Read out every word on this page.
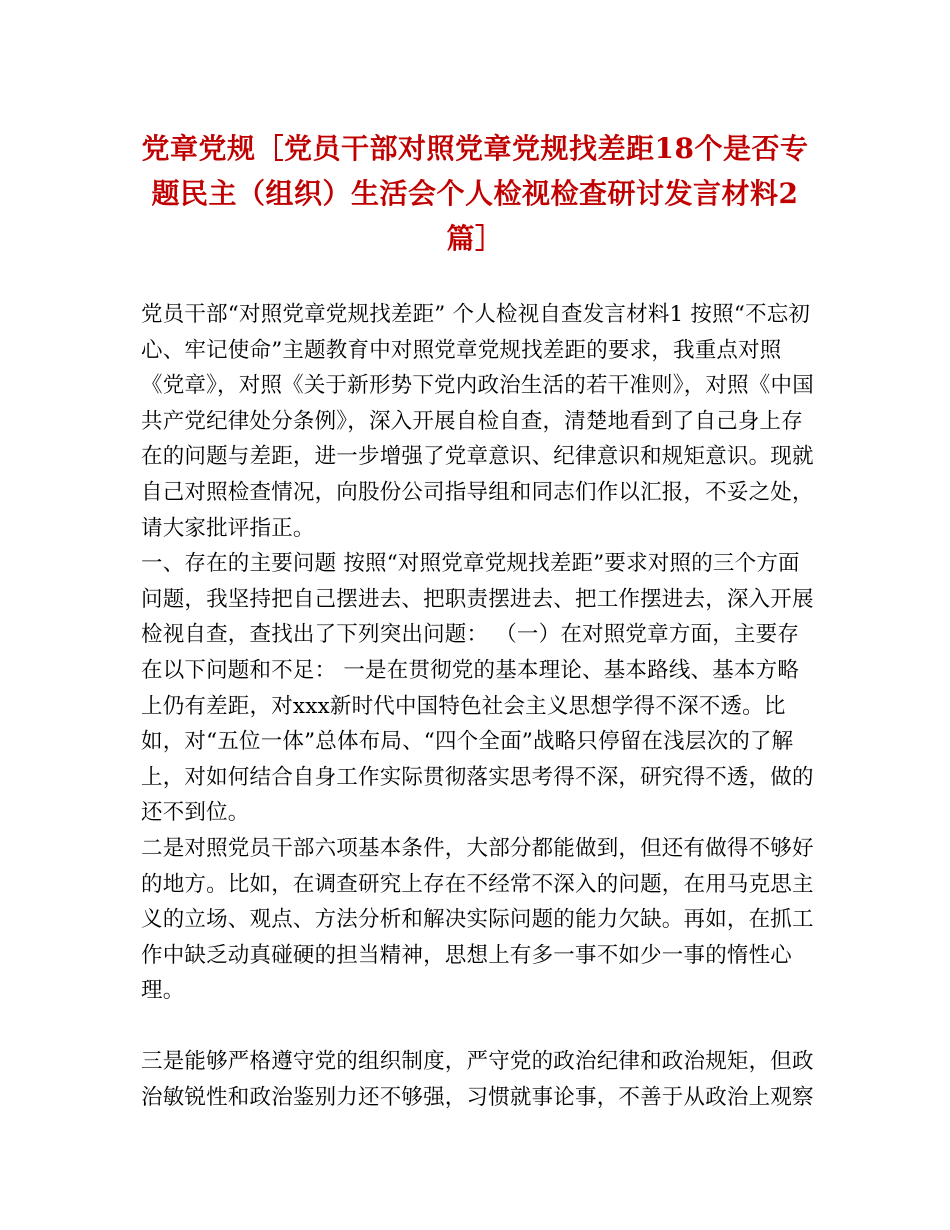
党章党规［党员干部对照党章党规找差距18个是否专题民主（组织）生活会个人检视检查研讨发言材料2篇］

党员干部“对照党章党规找差距” 个人检视自查发言材料1 按照“不忘初心、牢记使命”主题教育中对照党章党规找差距的要求，我重点对照《党章》，对照《关于新形势下党内政治生活的若干准则》，对照《中国共产党纪律处分条例》，深入开展自检自查，清楚地看到了自己身上存在的问题与差距，进一步增强了党章意识、纪律意识和规矩意识。现就自己对照检查情况，向股份公司指导组和同志们作以汇报，不妥之处，请大家批评指正。

一、存在的主要问题 按照“对照党章党规找差距”要求对照的三个方面问题，我坚持把自己摆进去、把职责摆进去、把工作摆进去，深入开展检视自查，查找出了下列突出问题： （一）在对照党章方面，主要存在以下问题和不足： 一是在贯彻党的基本理论、基本路线、基本方略上仍有差距，对xxx新时代中国特色社会主义思想学得不深不透。比如，对“五位一体”总体布局、“四个全面”战略只停留在浅层次的了解上，对如何结合自身工作实际贯彻落实思考得不深，研究得不透，做的还不到位。

二是对照党员干部六项基本条件，大部分都能做到，但还有做得不够好的地方。比如，在调查研究上存在不经常不深入的问题，在用马克思主义的立场、观点、方法分析和解决实际问题的能力欠缺。再如，在抓工作中缺乏动真碰硬的担当精神，思想上有多一事不如少一事的惰性心理。

三是能够严格遵守党的组织制度，严守党的政治纪律和政治规矩，但政治敏锐性和政治鉴别力还不够强，习惯就事论事，不善于从政治上观察
